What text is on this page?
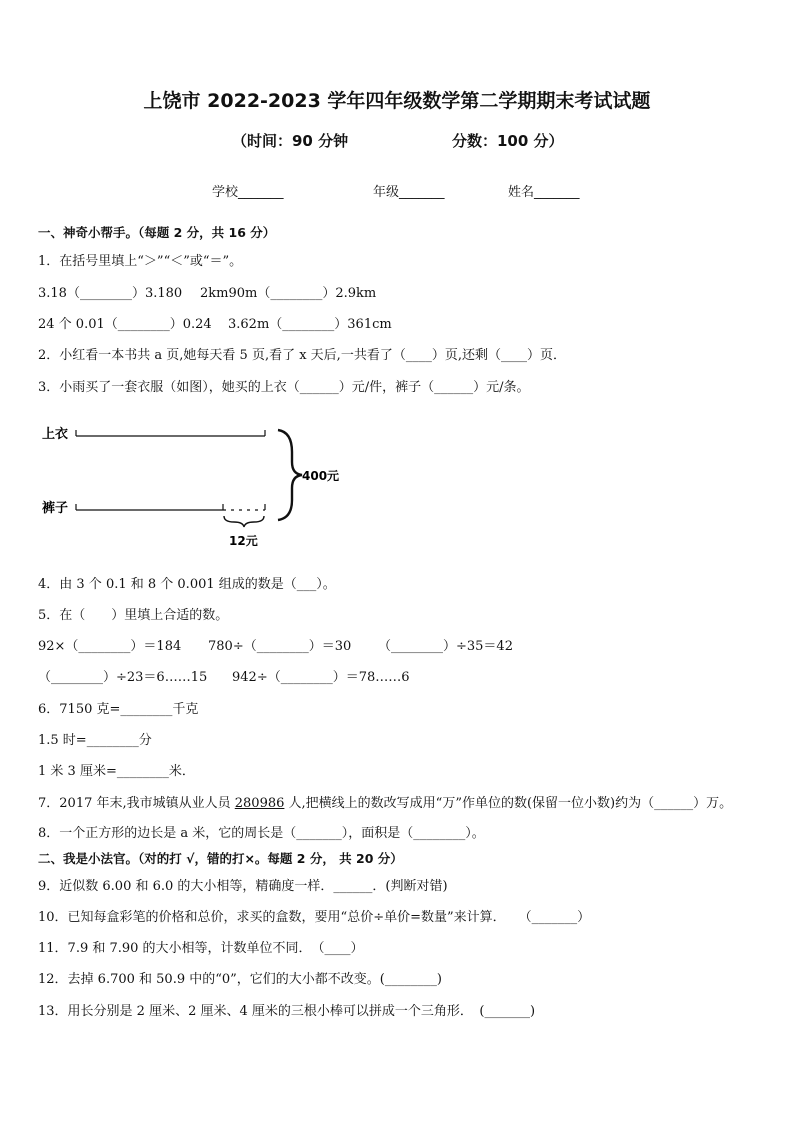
上饶市 2022-2023 学年四年级数学第二学期期末考试试题
（时间：90 分钟	分数：100 分）
学校_______	年级_______	姓名_______
一、神奇小帮手。（每题 2 分，共 16 分）
1．在括号里填上“＞”“＜”或“＝”。
3.18（________）3.180 2km90m（________）2.9km
24 个 0.01（________）0.24 3.62m（________）361cm
2．小红看一本书共 a 页,她每天看 5 页,看了 x 天后,一共看了（____）页,还剩（____）页．
3．小雨买了一套衣服（如图），她买的上衣（______）元/件，裤子（______）元/条。
上衣
裤子
12元
400元
4．由 3 个 0.1 和 8 个 0.001 组成的数是（___）。
5．在（　　）里填上合适的数。
92×（________）＝184 780÷（________）＝30 （________）÷35＝42
（________）÷23＝6……15 942÷（________）＝78……6
6．7150 克=________千克
1.5 时=________分
1 米 3 厘米=________米．
7．2017 年末,我市城镇从业人员 280986 人,把横线上的数改写成用“万”作单位的数(保留一位小数)约为（______）万。
8．一个正方形的边长是 a 米，它的周长是（_______），面积是（________）。
二、我是小法官。（对的打 √，错的打×。每题 2 分， 共 20 分）
9．近似数 6.00 和 6.0 的大小相等，精确度一样．______．(判断对错)
10．已知每盒彩笔的价格和总价，求买的盒数，要用“总价÷单价=数量”来计算．　　（_______）
11．7.9 和 7.90 的大小相等，计数单位不同．　（____）
12．去掉 6.700 和 50.9 中的“0”，它们的大小都不改变。(________)
13．用长分别是 2 厘米、2 厘米、4 厘米的三根小棒可以拼成一个三角形．　(_______)
